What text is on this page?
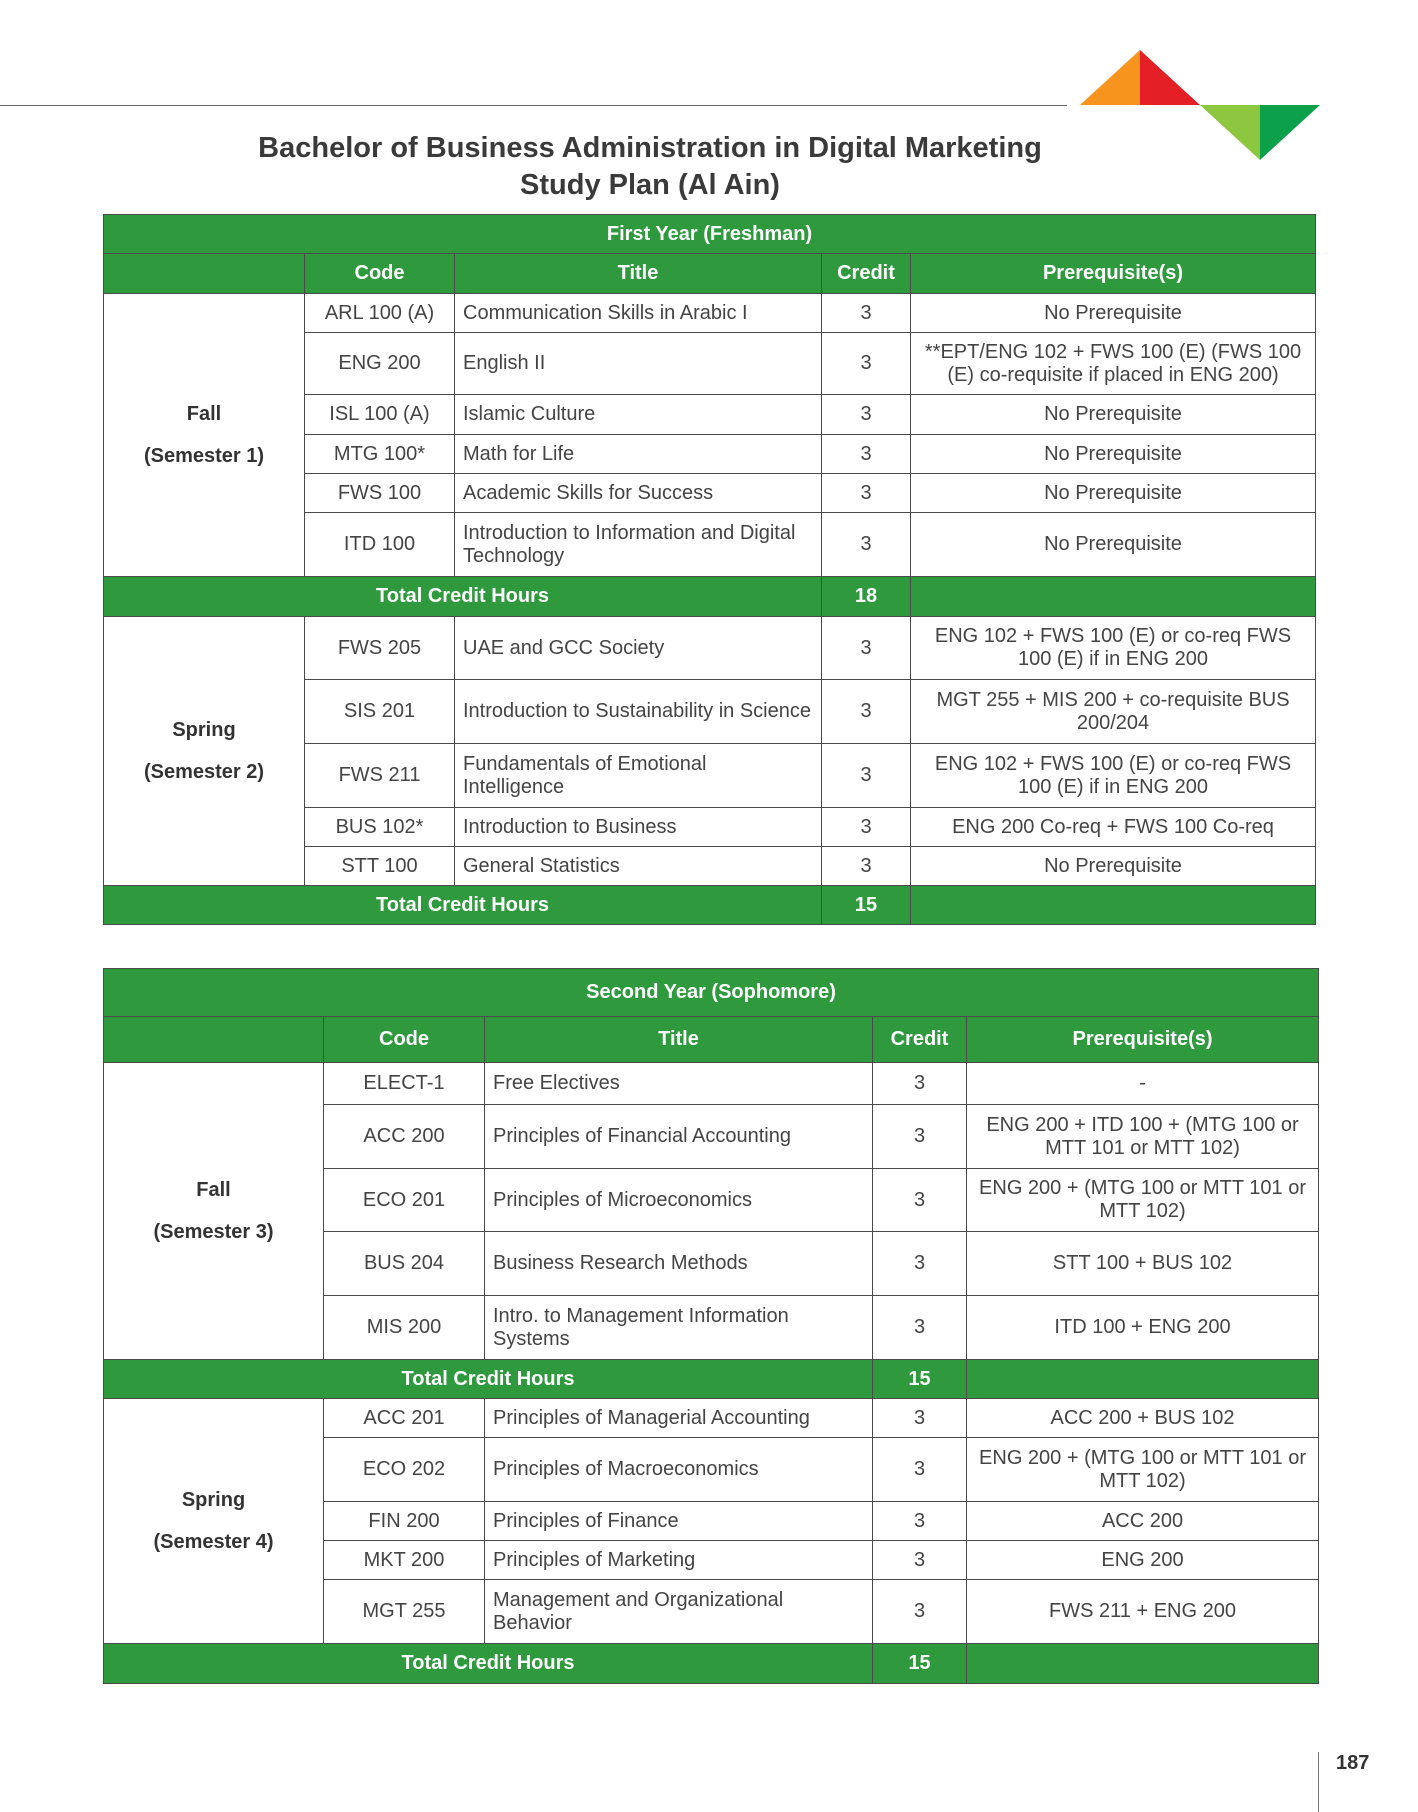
Bachelor of Business Administration in Digital Marketing
Study Plan (Al Ain)
First Year (Freshman)				
	Code	Title	Credit	Prerequisite(s)

Fall
(Semester 1)	ARL 100 (A)	Communication Skills in Arabic I	3	No Prerequisite
	ENG 200	English II	3	**EPT/ENG 102 + FWS 100 (E) (FWS 100 (E) co-requisite if placed in ENG 200)
	ISL 100 (A)	Islamic Culture	3	No Prerequisite
	MTG 100*	Math for Life	3	No Prerequisite
	FWS 100	Academic Skills for Success	3	No Prerequisite
	ITD 100	Introduction to Information and Digital Technology	3	No Prerequisite
Total Credit Hours			18	

Spring
(Semester 2)	FWS 205	UAE and GCC Society	3	ENG 102 + FWS 100 (E) or co-req FWS 100 (E) if in ENG 200
	SIS 201	Introduction to Sustainability in Science	3	MGT 255 + MIS 200 + co-requisite BUS 200/204
	FWS 211	Fundamentals of Emotional Intelligence	3	ENG 102 + FWS 100 (E) or co-req FWS 100 (E) if in ENG 200
	BUS 102*	Introduction to Business	3	ENG 200 Co-req + FWS 100 Co-req
	STT 100	General Statistics	3	No Prerequisite
Total Credit Hours			15	
Second Year (Sophomore)				
	Code	Title	Credit	Prerequisite(s)

Fall
(Semester 3)	ELECT-1	Free Electives	3	-
	ACC 200	Principles of Financial Accounting	3	ENG 200 + ITD 100 + (MTG 100 or MTT 101 or MTT 102)
	ECO 201	Principles of Microeconomics	3	ENG 200 + (MTG 100 or MTT 101 or MTT 102)
	BUS 204	Business Research Methods	3	STT 100 + BUS 102
	MIS 200	Intro. to Management Information Systems	3	ITD 100 + ENG 200
Total Credit Hours			15	

Spring
(Semester 4)	ACC 201	Principles of Managerial Accounting	3	ACC 200 + BUS 102
	ECO 202	Principles of Macroeconomics	3	ENG 200 + (MTG 100 or MTT 101 or MTT 102)
	FIN 200	Principles of Finance	3	ACC 200
	MKT 200	Principles of Marketing	3	ENG 200
	MGT 255	Management and Organizational Behavior	3	FWS 211 + ENG 200
Total Credit Hours			15	
187
